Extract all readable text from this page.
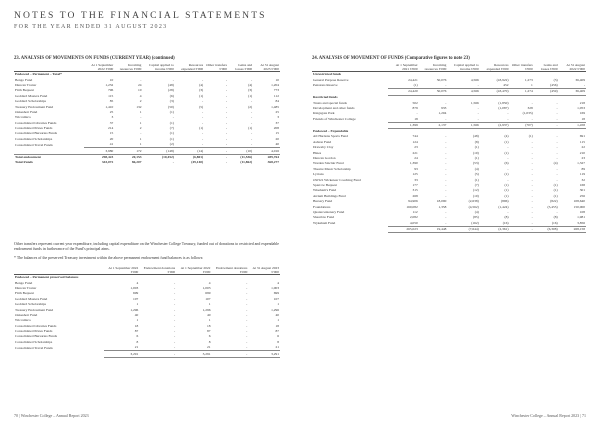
NOTES TO THE FINANCIAL STATEMENTS
FOR THE YEAR ENDED 31 AUGUST 2023
23. ANALYSIS OF MOVEMENTS ON FUNDS (CURRENT YEAR) (continued)
	At 1 September 2022 £'000	Incoming resources £'000	Capital applied to income £'000	Resources expended £'000	Other transfers £'000	Gains and losses £'000	At 31 August 2023 £'000
Endowed – Permanent – Total*							
Bengo Fund	10	-	-	-	-	-	10
Duncan Trotter	1,232	24	(48)	(4)	-	(4)	1,204
Firth Bequest	796	10	(28)	(3)	-	(3)	773
Goddard Masters Fund	115	4	(6)	(1)	-	(1)	112
Goddard Scholarships	85	2	(3)	-	-	-	84
Treasury Endowment Fund	1,410	132	(50)	(5)	-	(2)	1,485
Oakeshott Fund	25	1	(1)	-	-	-	25
Wiccamica	3	-	-	-	-	-	3
Consolidated Libraries Funds	37	1	(1)	-	-	-	37
Consolidated Prizes Funds	214	2	(7)	(1)	-	(1)	208
Consolidated Bursaries Funds	15	-	(1)	-	-	-	15
Consolidated Scholarships	20	1	(1)	-	-	-	20
Consolidated Travel Funds	41	1	(2)	-	-	-	40
	3,980	172	(148)	(14)	-	(10)	4,016
Total endowment	298,423	20,153	(10,452)	(6,801)	-	(11,536)	289,764
Total Funds	343,072	86,207	-	(49,140)	-	(11,862)	368,277

Other transfers represent current year expenditure, including capital expenditure on the Winchester College Treasury, funded out of donations to restricted and expendable endowment funds in furtherance of the Fund's principal aims.

* The balances of the preserved Treasury investment within the above permanent endowment fund balances is as follows:

	At 1 September 2022 £'000	Endowment donations £'000	At 1 September 2022 £'000	Endowment donations £'000	At 31 August 2023 £'000
Endowed – Permanent preserved balances					
Bengo Fund	4	-	4	-	4
Duncan Trotter	1,003	-	1,003	-	1,003
Firth Bequest	699	-	699	-	699
Goddard Masters Fund	107	-	107	-	107
Goddard Scholarships	1	-	1	-	1
Treasury Endowment Fund	1,296	-	1,296	-	1,296
Oakeshott Fund	40	-	40	-	40
Wiccamica	1	-	1	-	1
Consolidated Libraries Funds	18	-	18	-	18
Consolidated Prizes Funds	87	-	87	-	87
Consolidated Bursaries Funds	6	-	6	-	6
Consolidated Scholarships	8	-	8	-	8
Consolidated Travel Funds	21	-	21	-	21
	3,291	-	3,291	-	3,291
24. ANALYSIS OF MOVEMENT OF FUNDS (Comparative figures to note 23)
	At 1 September 2021 £'000	Incoming resources £'000	Capital applied to income £'000	Resources expended £'000	Other transfers £'000	Gains and losses £'000	At 31 August 2022 £'000
Unrestricted funds							
General Purpose Reserve	24,421	50,076	4,566	(43,922)	1,273	(3)	36,409
Pensions Reserve	(1)	-	-	452	1	(456)	-
	24,420	50,076	4,566	(43,470)	1,274	(459)	36,409
Restricted funds							
Trusts and special funds	502	-	1,566	(1,850)	-	-	218
Development and other funds	879	933	-	(1,087)	328	-	1,053
Kingsgate Park	-	1,204	-	-	(1,035)	-	169
Friends of Winchester College	18	-	-	-	-	-	18
	1,399	2,137	1,566	(2,937)	(707)	-	1,458
Endowed – Expendable							
All Hardens Sports Fund	744	-	(48)	(4)	(1)	-	691
Ashton Fund	124	-	(8)	(1)	-	-	115
Dreweby Clay	23	-	(1)	-	-	-	22
Hines	221	-	(10)	(1)	-	-	210
Duncan Gordon	24	-	(1)	-	-	-	23
Warden Sinclair Fund	1,390	-	(53)	(6)	-	(4)	1,327
Theatre Music Scholarship	93	-	(4)	-	-	-	89
Lyrions	125	-	(5)	(1)	-	-	119
OWGS Wicketeer Coaching Fund	33	-	(1)	-	-	-	32
Sparrow Bequest	177	-	(7)	(1)	-	(1)	168
Wiseham's Fund	315	-	(12)	(1)	-	(1)	301
Atrium Buildings Fund	268	-	(10)	(1)	-	(1)	256
Bursary Fund	94,906	18,090	(2,638)	(896)	-	(822)	108,640
Foundations	160,082	1,358	(4,562)	(1,424)	-	(5,455)	150,000
Quatercentenary Fund	112	-	(4)	-	-	-	108
Shearlaw Fund	2,082	-	(85)	(8)	-	(8)	1,981
Wykeham Fund	4,050	-	(162)	(16)	-	(16)	3,856
	265,023	19,448	(7,644)	(2,361)	-	(6,308)	268,158
70 | Winchester College – Annual Report 2023	Winchester College – Annual Report 2023 | 71
